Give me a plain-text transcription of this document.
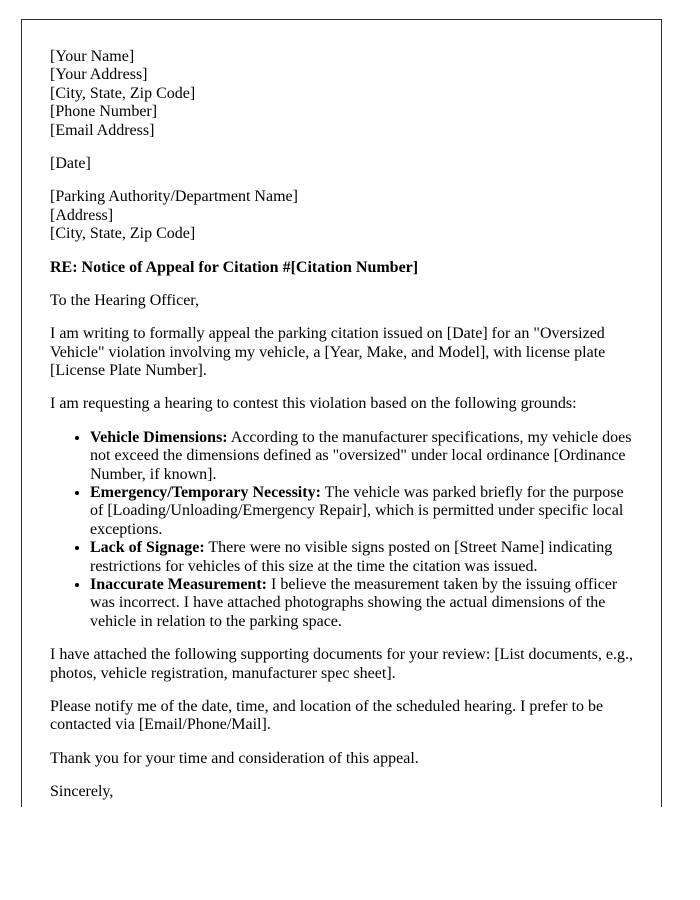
[Your Name]
[Your Address]
[City, State, Zip Code]
[Phone Number]
[Email Address]

[Date]

[Parking Authority/Department Name]
[Address]
[City, State, Zip Code]

RE: Notice of Appeal for Citation #[Citation Number]

To the Hearing Officer,

I am writing to formally appeal the parking citation issued on [Date] for an "Oversized Vehicle" violation involving my vehicle, a [Year, Make, and Model], with license plate [License Plate Number].

I am requesting a hearing to contest this violation based on the following grounds:

• Vehicle Dimensions: According to the manufacturer specifications, my vehicle does not exceed the dimensions defined as "oversized" under local ordinance [Ordinance Number, if known].
• Emergency/Temporary Necessity: The vehicle was parked briefly for the purpose of [Loading/Unloading/Emergency Repair], which is permitted under specific local exceptions.
• Lack of Signage: There were no visible signs posted on [Street Name] indicating restrictions for vehicles of this size at the time the citation was issued.
• Inaccurate Measurement: I believe the measurement taken by the issuing officer was incorrect. I have attached photographs showing the actual dimensions of the vehicle in relation to the parking space.

I have attached the following supporting documents for your review: [List documents, e.g., photos, vehicle registration, manufacturer spec sheet].

Please notify me of the date, time, and location of the scheduled hearing. I prefer to be contacted via [Email/Phone/Mail].

Thank you for your time and consideration of this appeal.

Sincerely,
